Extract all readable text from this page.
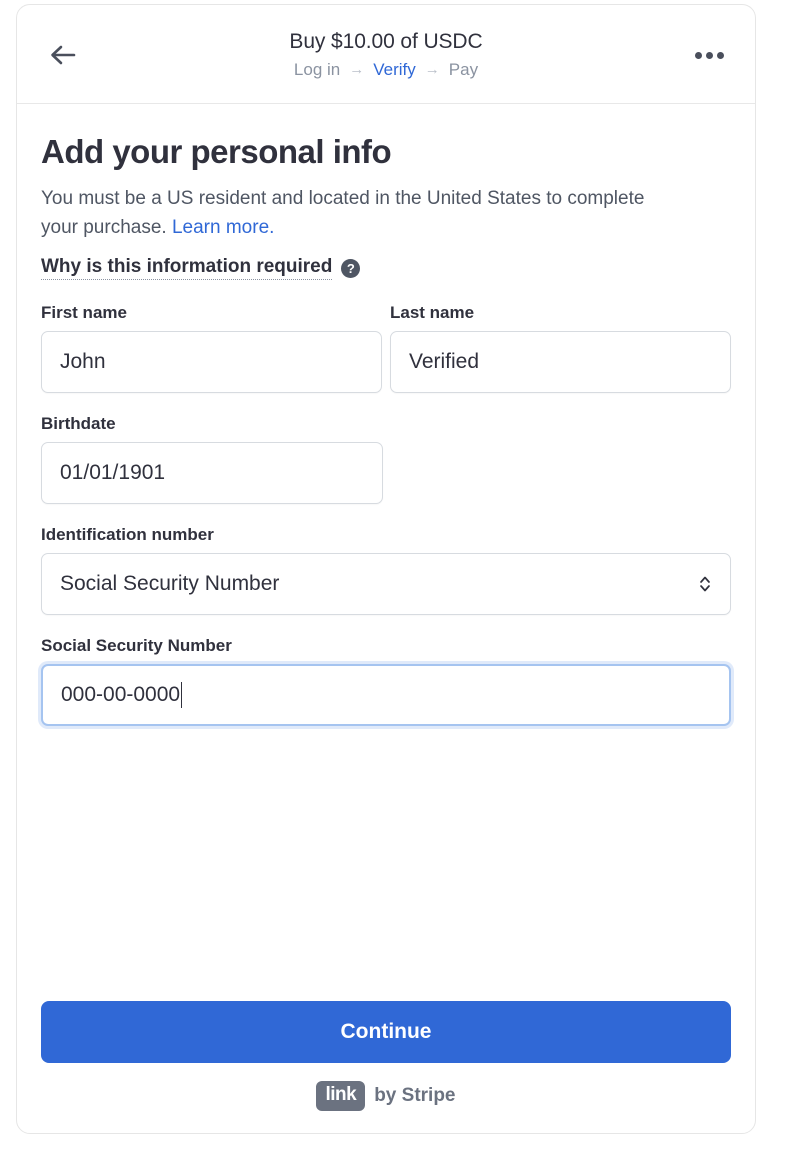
Buy $10.00 of USDC
Log in → Verify → Pay
Add your personal info
You must be a US resident and located in the United States to complete your purchase. Learn more.
Why is this information required	?
First name
John
Last name
Verified
Birthdate
01/01/1901
Identification number
Social Security Number
Social Security Number
000-00-0000
Continue
link by Stripe
